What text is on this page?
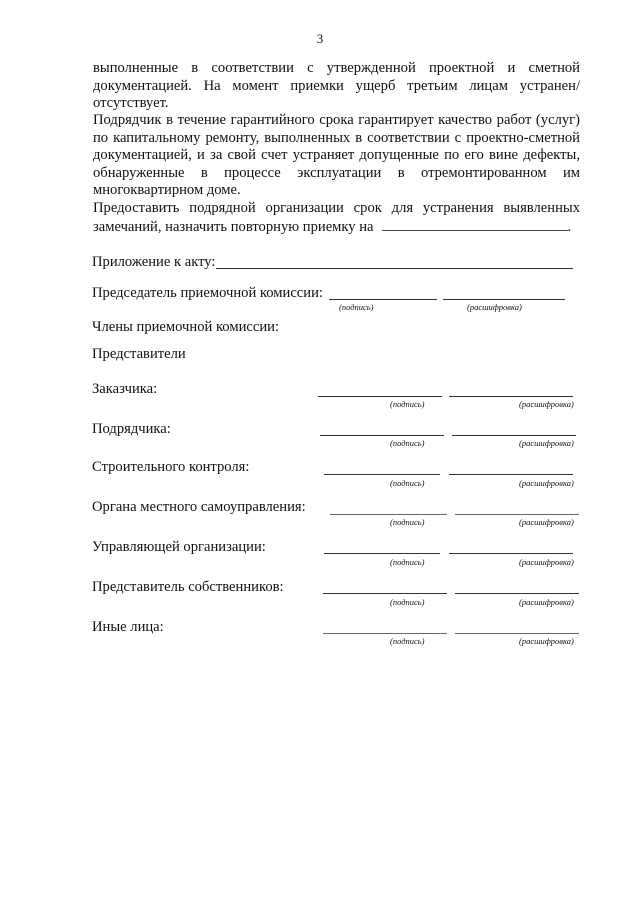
3
выполненные в соответствии с утвержденной проектной и сметной документацией. На момент приемки ущерб третьим лицам устранен/отсутствует.
Подрядчик в течение гарантийного срока гарантирует качество работ (услуг) по капитальному ремонту, выполненных в соответствии с проектно-сметной документацией, и за свой счет устраняет допущенные по его вине дефекты, обнаруженные в процессе эксплуатации в отремонтированном им многоквартирном доме.
Предоставить подрядной организации срок для устранения выявленных замечаний, назначить повторную приемку на	.
Приложение к акту:
Председатель приемочной комиссии:
(подпись)	(расшифровка)
Члены приемочной комиссии:
Представители
Заказчика:
(подпись)	(расшифровка)
Подрядчика:
(подпись)	(расшифровка)
Строительного контроля:
(подпись)	(расшифровка)
Органа местного самоуправления:
(подпись)	(расшифровка)
Управляющей организации:
(подпись)	(расшифровка)
Представитель собственников:
(подпись)	(расшифровка)
Иные лица:
(подпись)	(расшифровка)
